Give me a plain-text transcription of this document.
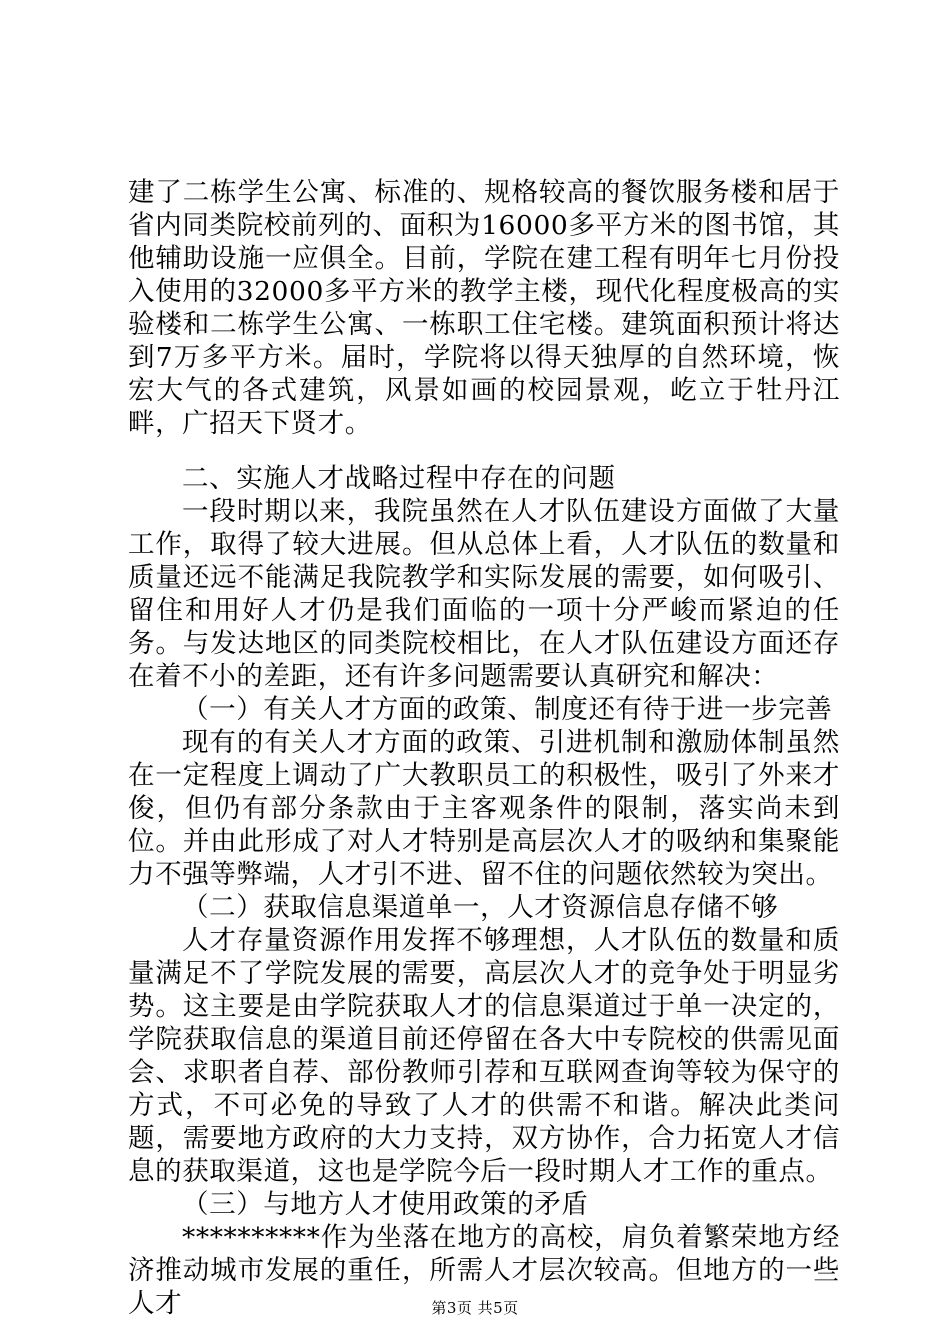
建了二栋学生公寓、标准的、规格较高的餐饮服务楼和居于省内同类院校前列的、面积为16000多平方米的图书馆，其他辅助设施一应俱全。目前，学院在建工程有明年七月份投入使用的32000多平方米的教学主楼，现代化程度极高的实验楼和二栋学生公寓、一栋职工住宅楼。建筑面积预计将达到7万多平方米。届时，学院将以得天独厚的自然环境，恢宏大气的各式建筑，风景如画的校园景观，屹立于牡丹江畔，广招天下贤才。

二、实施人才战略过程中存在的问题

一段时期以来，我院虽然在人才队伍建设方面做了大量工作，取得了较大进展。但从总体上看，人才队伍的数量和质量还远不能满足我院教学和实际发展的需要，如何吸引、留住和用好人才仍是我们面临的一项十分严峻而紧迫的任务。与发达地区的同类院校相比，在人才队伍建设方面还存在着不小的差距，还有许多问题需要认真研究和解决：

（一）有关人才方面的政策、制度还有待于进一步完善

现有的有关人才方面的政策、引进机制和激励体制虽然在一定程度上调动了广大教职员工的积极性，吸引了外来才俊，但仍有部分条款由于主客观条件的限制，落实尚未到位。并由此形成了对人才特别是高层次人才的吸纳和集聚能力不强等弊端，人才引不进、留不住的问题依然较为突出。

（二）获取信息渠道单一，人才资源信息存储不够

人才存量资源作用发挥不够理想，人才队伍的数量和质量满足不了学院发展的需要，高层次人才的竞争处于明显劣势。这主要是由学院获取人才的信息渠道过于单一决定的，学院获取信息的渠道目前还停留在各大中专院校的供需见面会、求职者自荐、部份教师引荐和互联网查询等较为保守的方式，不可必免的导致了人才的供需不和谐。解决此类问题，需要地方政府的大力支持，双方协作，合力拓宽人才信息的获取渠道，这也是学院今后一段时期人才工作的重点。

（三）与地方人才使用政策的矛盾

**********作为坐落在地方的高校，肩负着繁荣地方经济推动城市发展的重任，所需人才层次较高。但地方的一些人才	第3页 共5页
